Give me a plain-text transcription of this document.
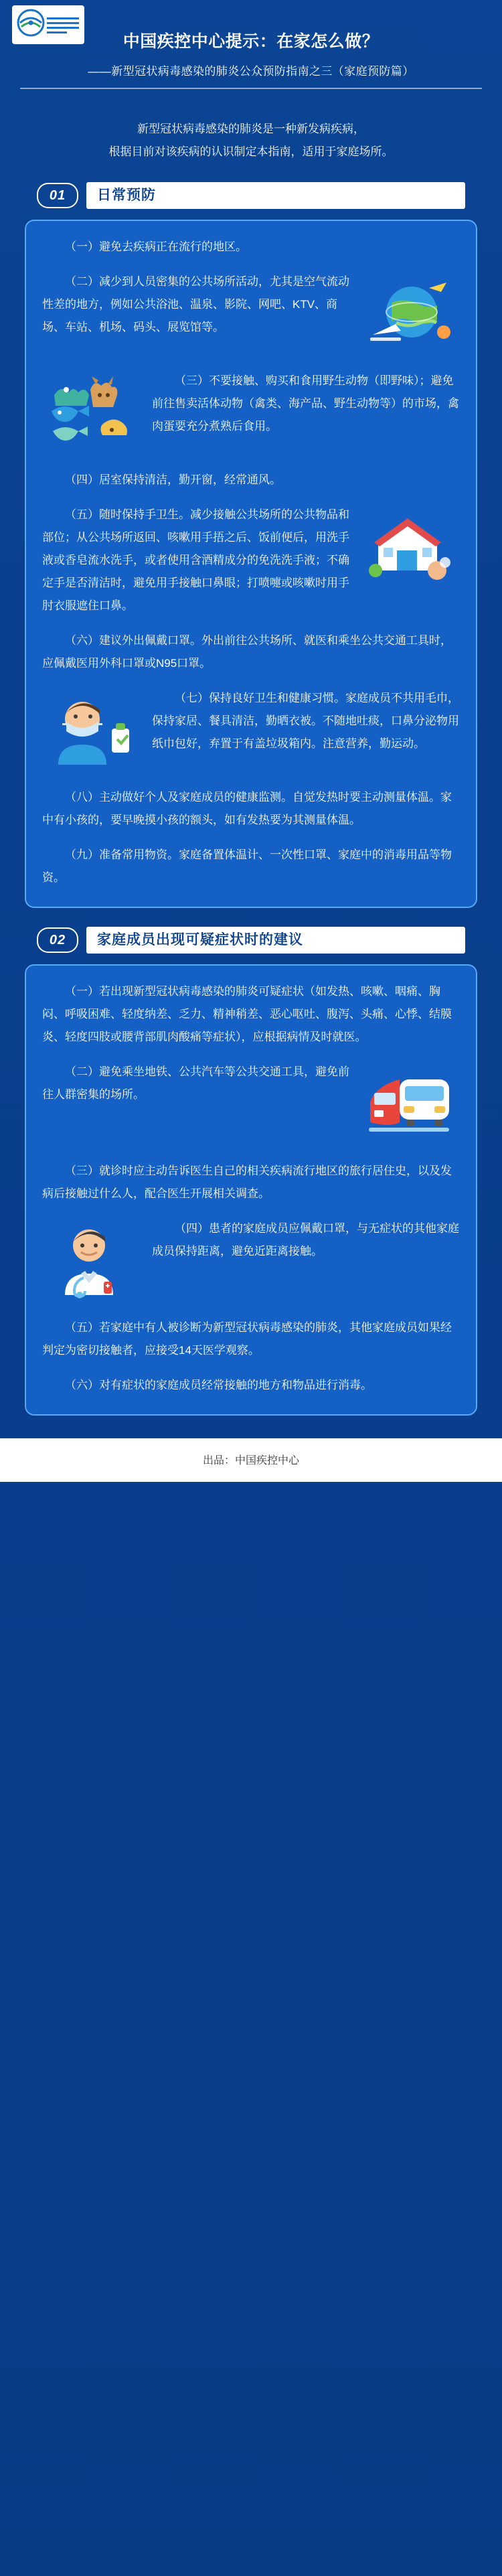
中国疾控中心提示：在家怎么做？
——新型冠状病毒感染的肺炎公众预防指南之三（家庭预防篇）

新型冠状病毒感染的肺炎是一种新发病疾病，

根据目前对该疾病的认识制定本指南，适用于家庭场所。

01	日常预防
（一）避免去疾病正在流行的地区。
（二）减少到人员密集的公共场所活动，尤其是空气流动性差的地方，例如公共浴池、温泉、影院、网吧、KTV、商场、车站、机场、码头、展览馆等。
（三）不要接触、购买和食用野生动物（即野味）；避免前往售卖活体动物（禽类、海产品、野生动物等）的市场，禽肉蛋要充分煮熟后食用。
（四）居室保持清洁，勤开窗，经常通风。
（五）随时保持手卫生。减少接触公共场所的公共物品和部位；从公共场所返回、咳嗽用手捂之后、饭前便后，用洗手液或香皂流水洗手，或者使用含酒精成分的免洗洗手液；不确定手是否清洁时，避免用手接触口鼻眼；打喷嚏或咳嗽时用手肘衣服遮住口鼻。
（六）建议外出佩戴口罩。外出前往公共场所、就医和乘坐公共交通工具时，应佩戴医用外科口罩或N95口罩。
（七）保持良好卫生和健康习惯。家庭成员不共用毛巾，保持家居、餐具清洁，勤晒衣被。不随地吐痰，口鼻分泌物用纸巾包好，弃置于有盖垃圾箱内。注意营养，勤运动。
（八）主动做好个人及家庭成员的健康监测。自觉发热时要主动测量体温。家中有小孩的，要早晚摸小孩的额头，如有发热要为其测量体温。
（九）准备常用物资。家庭备置体温计、一次性口罩、家庭中的消毒用品等物资。
02	家庭成员出现可疑症状时的建议
（一）若出现新型冠状病毒感染的肺炎可疑症状（如发热、咳嗽、咽痛、胸闷、呼吸困难、轻度纳差、乏力、精神稍差、恶心呕吐、腹泻、头痛、心悸、结膜炎、轻度四肢或腰背部肌肉酸痛等症状），应根据病情及时就医。
（二）避免乘坐地铁、公共汽车等公共交通工具，避免前往人群密集的场所。
（三）就诊时应主动告诉医生自己的相关疾病流行地区的旅行居住史，以及发病后接触过什么人，配合医生开展相关调查。
（四）患者的家庭成员应佩戴口罩，与无症状的其他家庭成员保持距离，避免近距离接触。
（五）若家庭中有人被诊断为新型冠状病毒感染的肺炎，其他家庭成员如果经判定为密切接触者，应接受14天医学观察。
（六）对有症状的家庭成员经常接触的地方和物品进行消毒。
出品：中国疾控中心
